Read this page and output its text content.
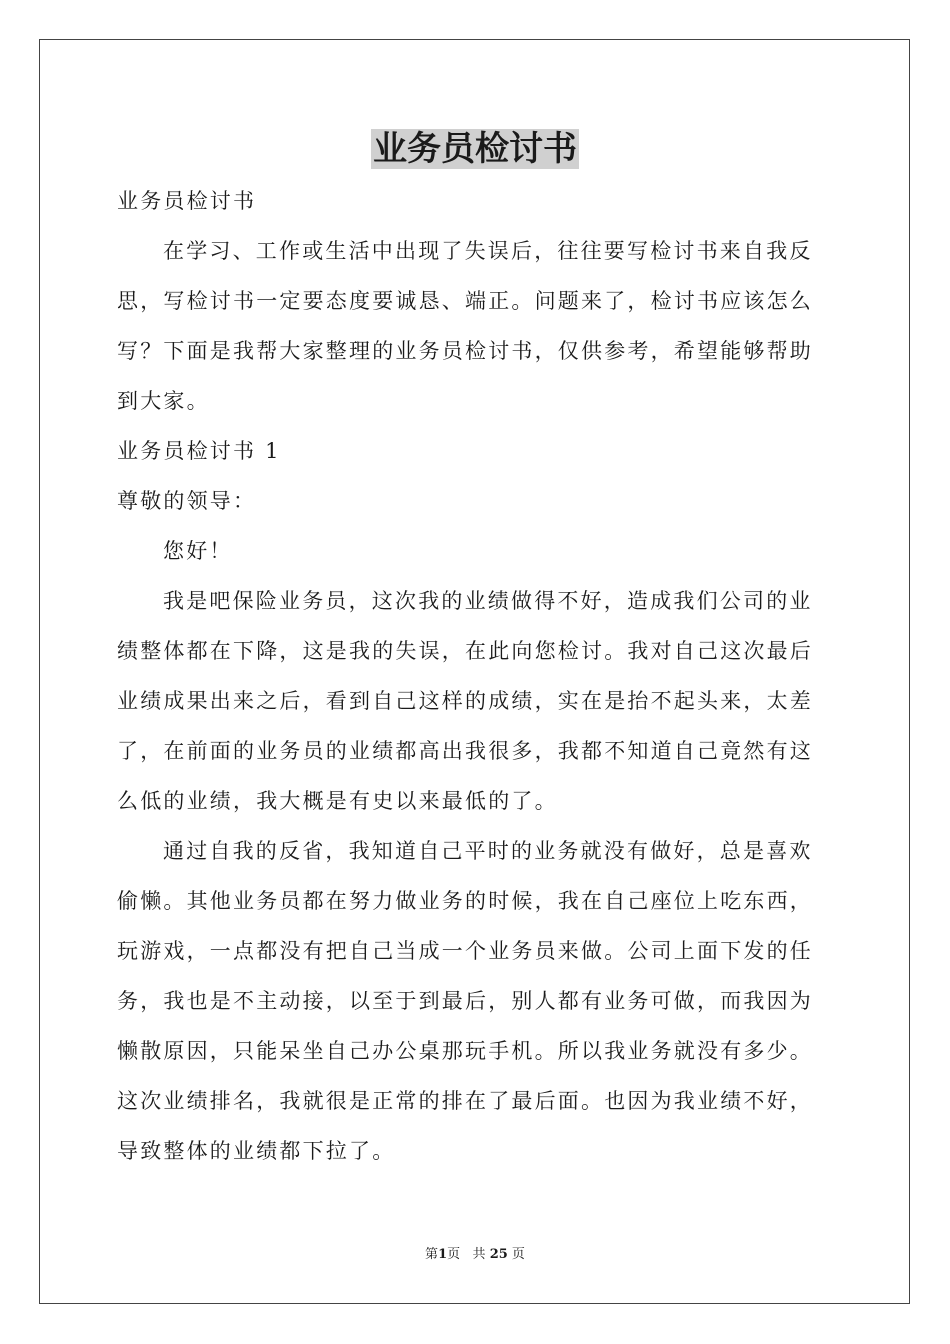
业务员检讨书

业务员检讨书

在学习、工作或生活中出现了失误后，往往要写检讨书来自我反

思，写检讨书一定要态度要诚恳、端正。问题来了，检讨书应该怎么

写？下面是我帮大家整理的业务员检讨书，仅供参考，希望能够帮助

到大家。

业务员检讨书 1

尊敬的领导：

您好！

我是吧保险业务员，这次我的业绩做得不好，造成我们公司的业

绩整体都在下降，这是我的失误，在此向您检讨。我对自己这次最后

业绩成果出来之后，看到自己这样的成绩，实在是抬不起头来，太差

了，在前面的业务员的业绩都高出我很多，我都不知道自己竟然有这

么低的业绩，我大概是有史以来最低的了。

通过自我的反省，我知道自己平时的业务就没有做好，总是喜欢

偷懒。其他业务员都在努力做业务的时候，我在自己座位上吃东西，

玩游戏，一点都没有把自己当成一个业务员来做。公司上面下发的任

务，我也是不主动接，以至于到最后，别人都有业务可做，而我因为

懒散原因，只能呆坐自己办公桌那玩手机。所以我业务就没有多少。

这次业绩排名，我就很是正常的排在了最后面。也因为我业绩不好，

导致整体的业绩都下拉了。

第1页 共 25 页
